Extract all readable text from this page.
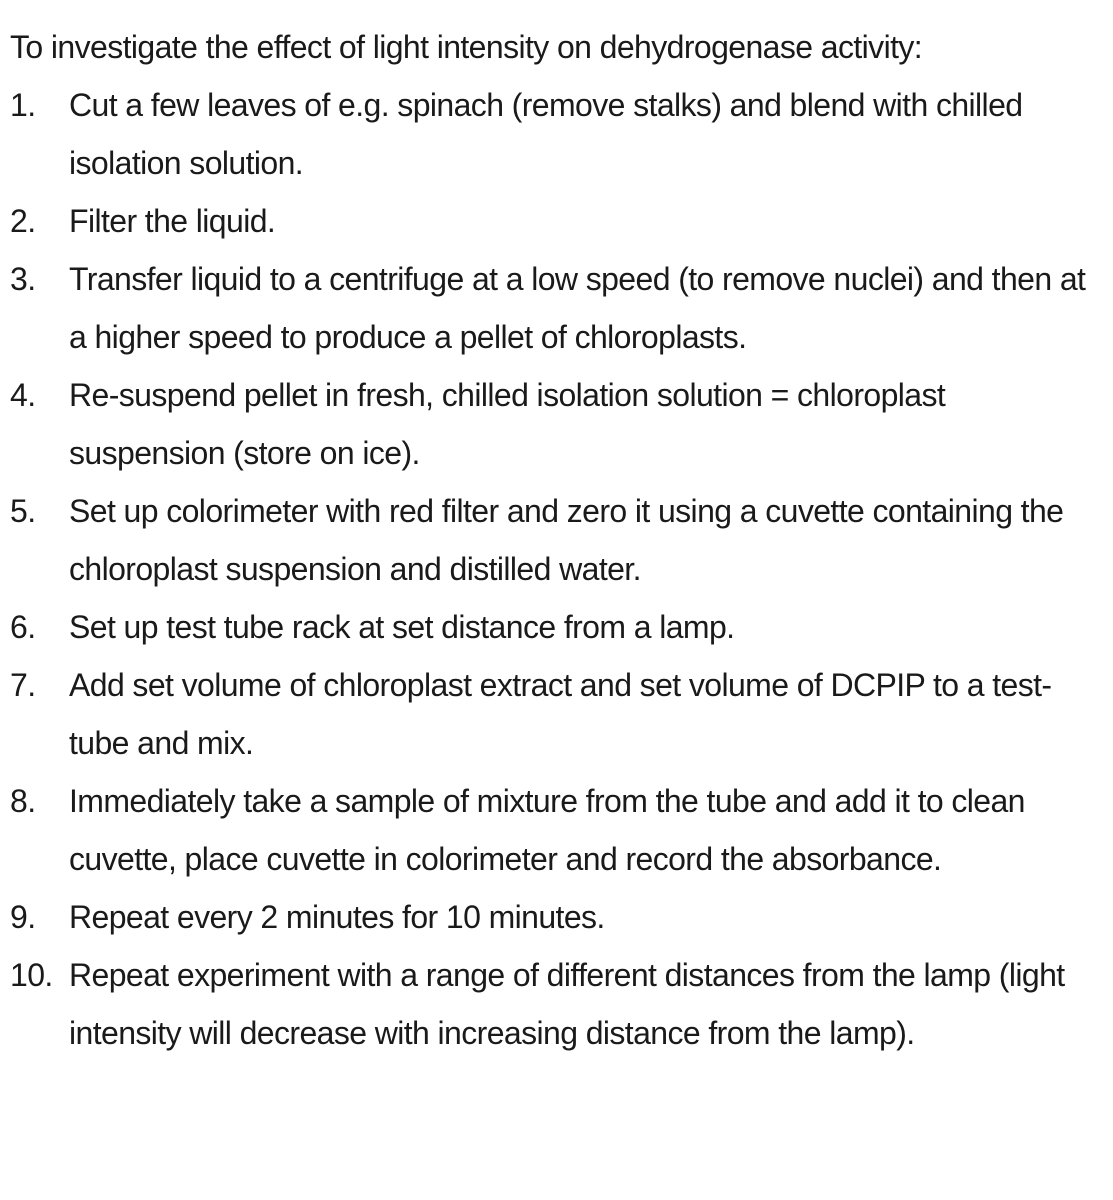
To investigate the effect of light intensity on dehydrogenase activity:

1.	Cut a few leaves of e.g. spinach (remove stalks) and blend with chilled isolation solution.
2.	Filter the liquid.
3.	Transfer liquid to a centrifuge at a low speed (to remove nuclei) and then at a higher speed to produce a pellet of chloroplasts.
4.	Re-suspend pellet in fresh, chilled isolation solution = chloroplast suspension (store on ice).
5.	Set up colorimeter with red filter and zero it using a cuvette containing the chloroplast suspension and distilled water.
6.	Set up test tube rack at set distance from a lamp.
7.	Add set volume of chloroplast extract and set volume of DCPIP to a test-tube and mix.
8.	Immediately take a sample of mixture from the tube and add it to clean cuvette, place cuvette in colorimeter and record the absorbance.
9.	Repeat every 2 minutes for 10 minutes.
10. Repeat experiment with a range of different distances from the lamp (light intensity will decrease with increasing distance from the lamp).
